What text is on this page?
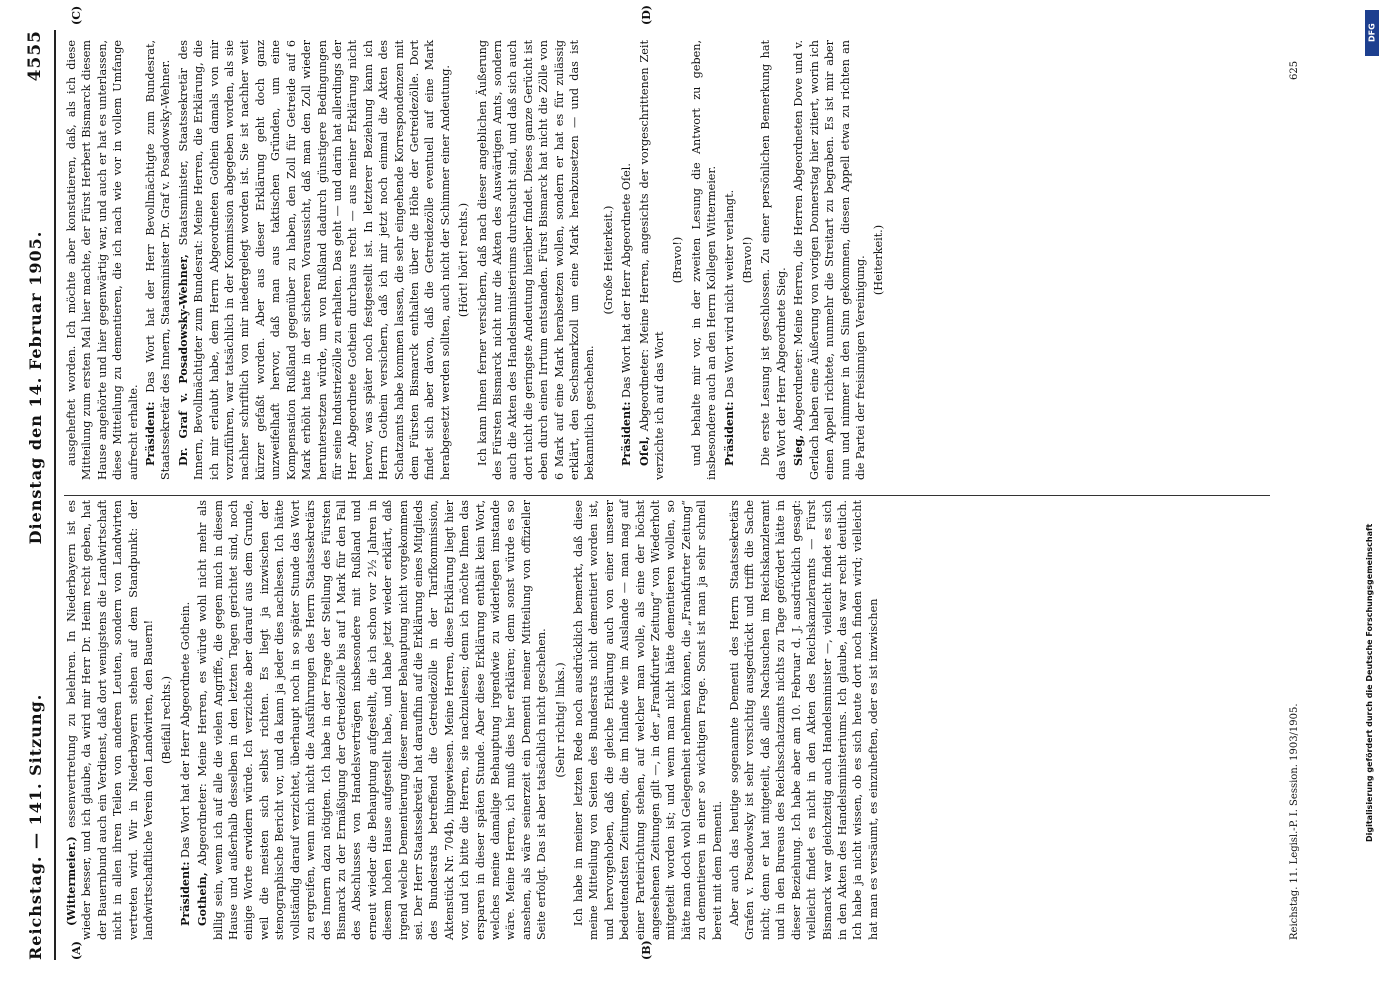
Reichstag. — 141. Sitzung.
Dienstag den 14. Februar 1905.
4555
(A)	(B)
(C)	(D)

(Wittermeier.) essenvertretung zu belehren. In Niederbayern ist es wieder besser, und ich glaube, da wird mir Herr Dr. Heim recht geben, hat der Bauernbund auch ein Verdienst, daß dort wenigstens die Landwirtschaft nicht in allen ihren Teilen von anderen Leuten, sondern von Landwirten vertreten wird. Wir in Niederbayern stehen auf dem Standpunkt: der landwirtschaftliche Verein den Landwirten, den Bauern! (Beifall rechts.)

Präsident: Das Wort hat der Herr Abgeordnete Gothein.

Gothein, Abgeordneter: Meine Herren, es würde wohl nicht mehr als billig sein, wenn ich auf alle die vielen Angriffe, die gegen mich in diesem Hause und außerhalb desselben in den letzten Tagen gerichtet sind, noch einige Worte erwidern würde. Ich verzichte aber darauf aus dem Grunde, weil die meisten sich selbst richten. Es liegt ja inzwischen der stenographische Bericht vor, und da kann ja jeder dies nachlesen. Ich hätte vollständig darauf verzichtet, überhaupt noch in so später Stunde das Wort zu ergreifen, wenn mich nicht die Ausführungen des Herrn Staatssekretärs des Innern dazu nötigten. Ich habe in der Frage der Stellung des Fürsten Bismarck zu der Ermäßigung der Getreidezölle bis auf 1 Mark für den Fall des Abschlusses von Handelsverträgen insbesondere mit Rußland und erneut wieder die Behauptung aufgestellt, die ich schon vor 2½ Jahren in diesem hohen Hause aufgestellt habe, und habe jetzt wieder erklärt, daß irgend welche Dementierung dieser meiner Behauptung nicht vorgekommen sei. Der Herr Staatssekretär hat daraufhin auf die Erklärung eines Mitglieds des Bundesrats betreffend die Getreidezölle in der Tarifkommission, Aktenstück Nr. 704b, hingewiesen. Meine Herren, diese Erklärung liegt hier vor, und ich bitte die Herren, sie nachzulesen; denn ich möchte Ihnen das ersparen in dieser späten Stunde. Aber diese Erklärung enthält kein Wort, welches meine damalige Behauptung irgendwie zu widerlegen imstande wäre. Meine Herren, ich muß dies hier erklären; denn sonst würde es so ansehen, als wäre seinerzeit ein Dementi meiner Mitteilung von offizieller Seite erfolgt. Das ist aber tatsächlich nicht geschehen. (Sehr richtig! links.) Ich habe in meiner letzten Rede noch ausdrücklich bemerkt, daß diese meine Mitteilung von Seiten des Bundesrats nicht dementiert worden ist, und hervorgehoben, daß die gleiche Erklärung auch von einer unserer bedeutendsten Zeitungen, die im Inlande wie im Auslande — man mag auf einer Parteirichtung stehen, auf welcher man wolle, als eine der höchst angesehenen Zeitungen gilt —, in der „Frankfurter Zeitung“ von Wiederholt mitgeteilt worden ist; und wenn man nicht hätte dementieren wollen, so hätte man doch wohl Gelegenheit nehmen können, die „Frankfurter Zeitung“ zu dementieren in einer so wichtigen Frage. Sonst ist man ja sehr schnell bereit mit dem Dementi. Aber auch das heutige sogenannte Dementi des Herrn Staatssekretärs Grafen v. Posadowsky ist sehr vorsichtig ausgedrückt und trifft die Sache nicht; denn er hat mitgeteilt, daß alles Nachsuchen im Reichskanzleramt und in den Bureaus des Reichsschatzamts nichts zu Tage gefördert hätte in dieser Beziehung. Ich habe aber am 10. Februar d. J. ausdrücklich gesagt: vielleicht findet es nicht in den Akten des Reichskanzleramts — Fürst Bismarck war gleichzeitig auch Handelsminister —, vielleicht findet es sich in den Akten des Handelsministeriums. Ich glaube, das war recht deutlich. Ich habe ja nicht wissen, ob es sich heute dort noch finden wird; vielleicht hat man es versäumt, es einzuheften, oder es ist inzwischen

ausgeheftet worden. Ich möchte aber konstatieren, daß, als ich diese Mitteilung zum ersten Mal hier machte, der Fürst Herbert Bismarck diesem Hause angehörte und hier gegenwärtig war, und auch er hat es unterlassen, diese Mitteilung zu dementieren, die ich nach wie vor in vollem Umfange aufrecht erhalte. Präsident: Das Wort hat der Herr Bevollmächtigte zum Bundesrat, Staatssekretär des Innern, Staatsminister Dr. Graf v. Posadowsky-Wehner. Dr. Graf v. Posadowsky-Wehner, Staatsminister, Staatssekretär des Innern, Bevollmächtigter zum Bundesrat: Meine Herren, die Erklärung, die ich mir erlaubt habe, dem Herrn Abgeordneten Gothein damals von mir vorzuführen, war tatsächlich in der Kommission abgegeben worden, als sie nachher schriftlich von mir niedergelegt worden ist. Sie ist nachher weit kürzer gefaßt worden. Aber aus dieser Erklärung geht doch ganz unzweifelhaft hervor, daß man aus taktischen Gründen, um eine Kompensation Rußland gegenüber zu haben, den Zoll für Getreide auf 6 Mark erhöht hatte in der sicheren Voraussicht, daß man den Zoll wieder heruntersetzen würde, um von Rußland dadurch günstigere Bedingungen für seine Industriezölle zu erhalten. Das geht — und darin hat allerdings der Herr Abgeordnete Gothein durchaus recht — aus meiner Erklärung nicht hervor, was später noch festgestellt ist. In letzterer Beziehung kann ich Herrn Gothein versichern, daß ich mir jetzt noch einmal die Akten des Schatzamts habe kommen lassen, die sehr eingehende Korrespondenzen mit dem Fürsten Bismarck enthalten über die Höhe der Getreidezölle. Dort findet sich aber davon, daß die Getreidezölle eventuell auf eine Mark herabgesetzt werden sollten, auch nicht der Schimmer einer Andeutung. (Hört! hört! rechts.) Ich kann Ihnen ferner versichern, daß nach dieser angeblichen Äußerung des Fürsten Bismarck nicht nur die Akten des Auswärtigen Amts, sondern auch die Akten des Handelsministeriums durchsucht sind, und daß sich auch dort nicht die geringste Andeutung hierüber findet. Dieses ganze Gerücht ist eben durch einen Irrtum entstanden. Fürst Bismarck hat nicht die Zölle von 6 Mark auf eine Mark herabsetzen wollen, sondern er hat es für zulässig erklärt, den Sechsmarkzoll um eine Mark herabzusetzen — und das ist bekanntlich geschehen.

(Große Heiterkeit.)

Präsident: Das Wort hat der Herr Abgeordnete Oſel.

Oſel, Abgeordneter: Meine Herren, angesichts der vorgeschrittenen Zeit verzichte ich auf das Wort

(Bravo!) und behalte mir vor, in der zweiten Lesung die Antwort zu geben, insbesondere auch an den Herrn Kollegen Wittermeier. Präsident: Das Wort wird nicht weiter verlangt. (Bravo!) Die erste Lesung ist geschlossen. Zu einer persönlichen Bemerkung hat das Wort der Herr Abgeordnete Sieg. Sieg, Abgeordneter: Meine Herren, die Herren Abgeordneten Dove und v. Gerlach haben eine Äußerung von vorigen Donnerstag hier zitiert, worin ich einen Appell richtete, nunmehr die Streitart zu begraben. Es ist mir aber nun und nimmer in den Sinn gekommen, diesen Appell etwa zu richten an die Partei der freisinnigen Vereinigung. (Heiterkeit.)

Reichstag. 11. Legisl.-P. I. Session. 1903/1905.
625
DFG
Digitalisierung gefördert durch die Deutsche Forschungsgemeinschaft
